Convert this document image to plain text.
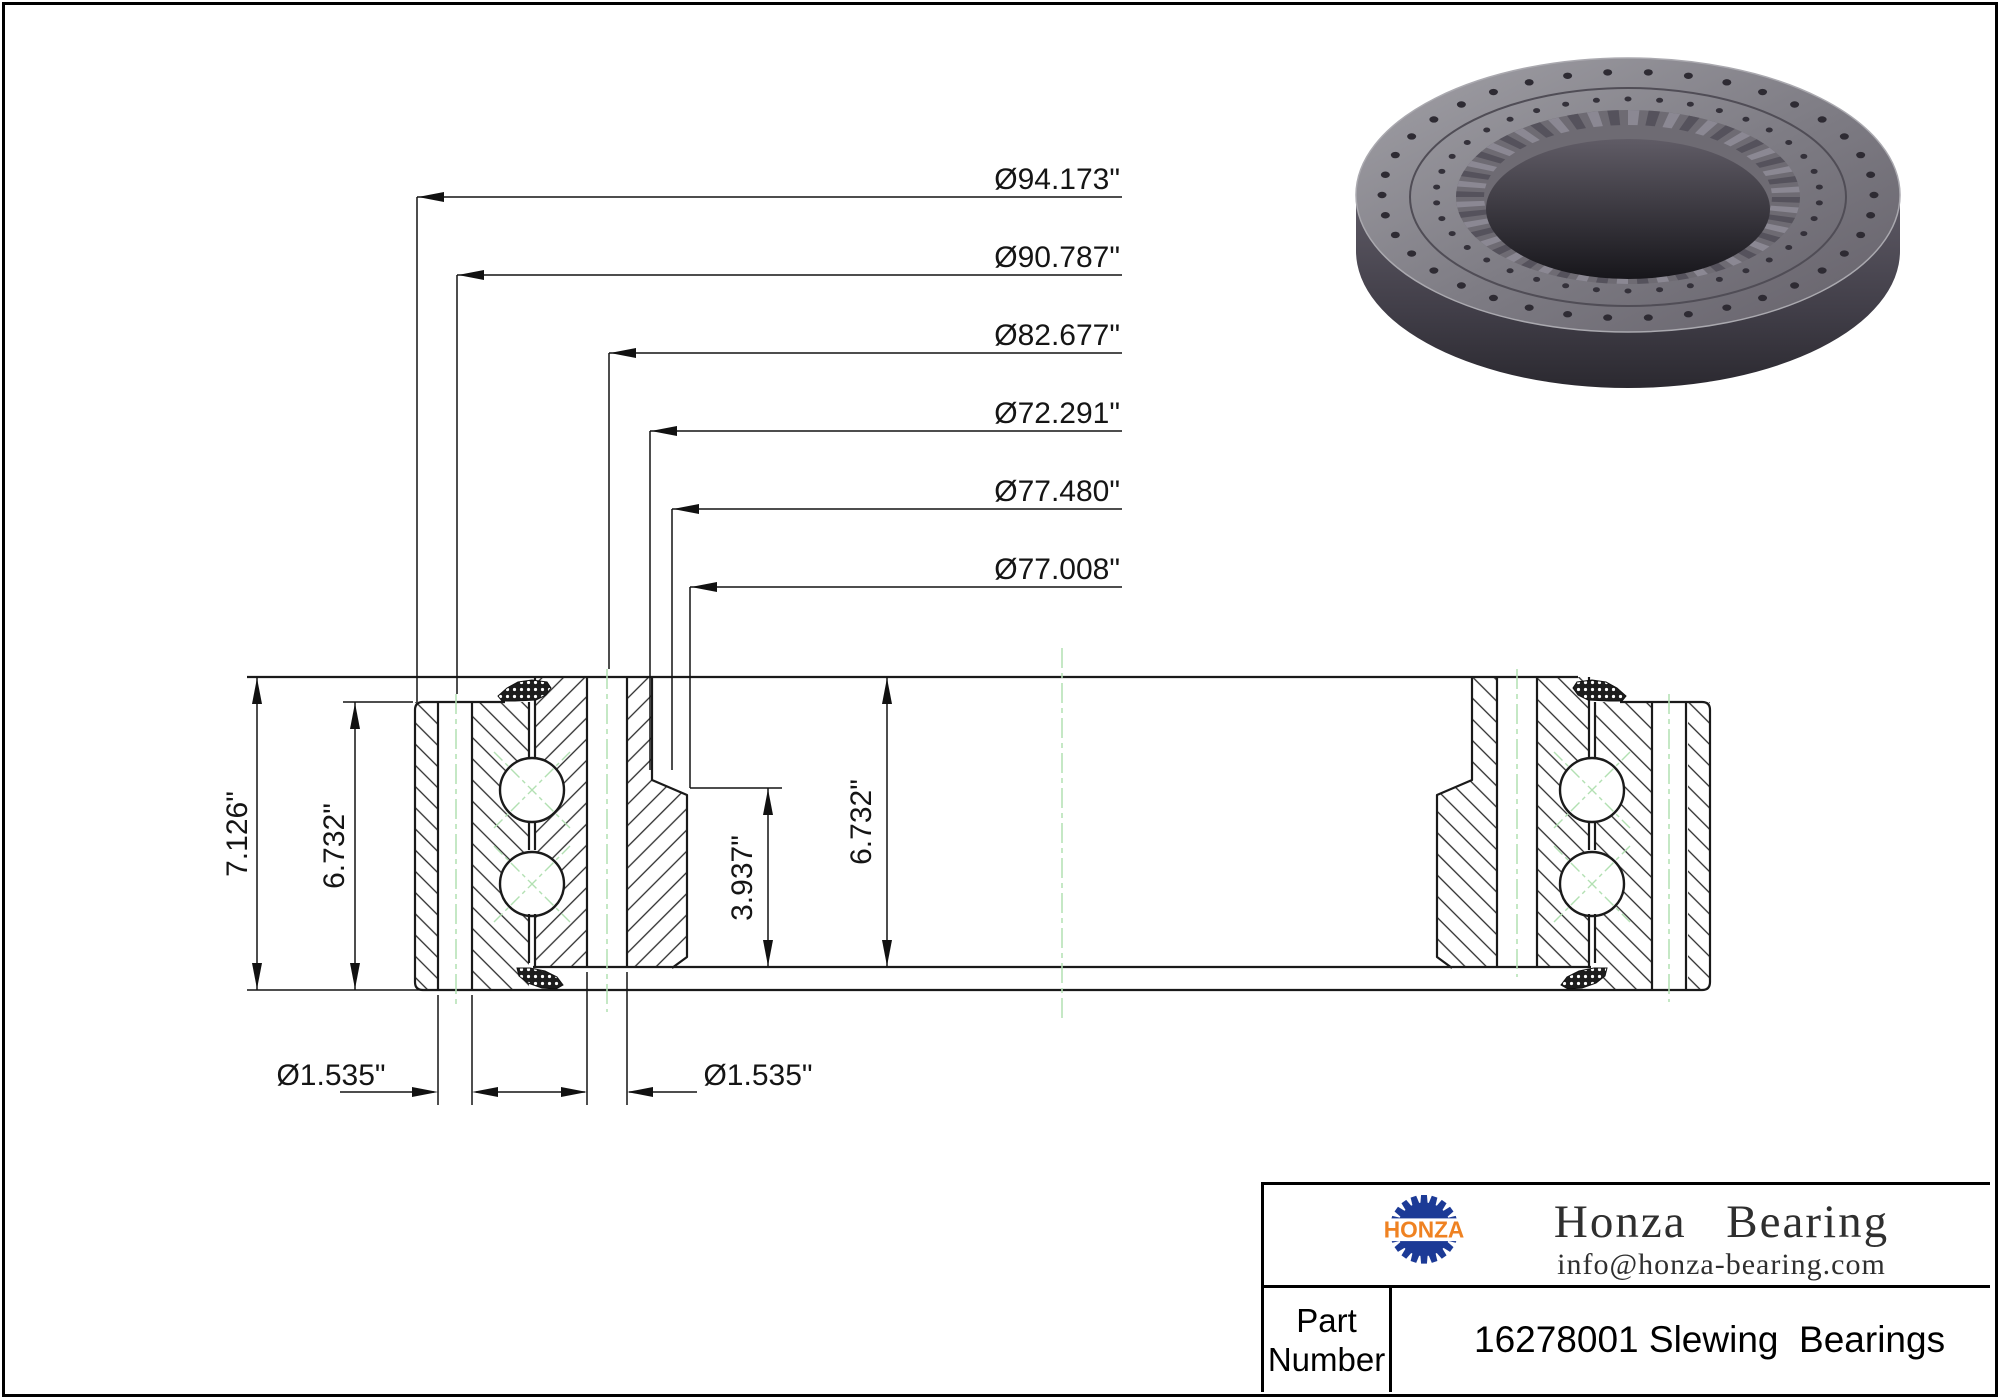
Ø94.173"
Ø90.787"
Ø82.677"
Ø72.291"
Ø77.480"
Ø77.008"
7.126" 6.732"	3.937"
6.732"
Ø1.535"	Ø1.535"
HONZA	Honza Bearing
info@honza-bearing.com
Part
Number	16278001 Slewing  Bearings
